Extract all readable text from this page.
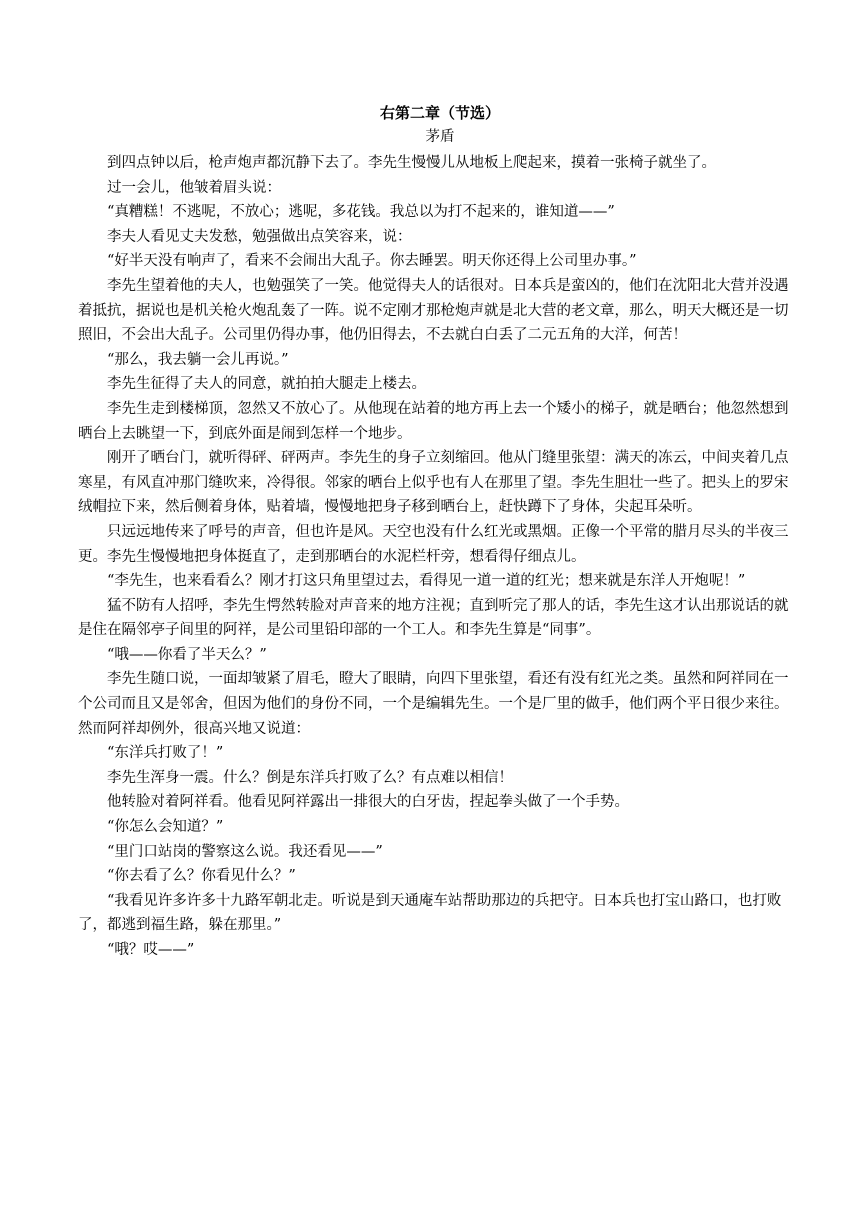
右第二章（节选）
茅盾

到四点钟以后，枪声炮声都沉静下去了。李先生慢慢儿从地板上爬起来，摸着一张椅子就坐了。

过一会儿，他皱着眉头说：

“真糟糕！不逃呢，不放心；逃呢，多花钱。我总以为打不起来的，谁知道——”

李夫人看见丈夫发愁，勉强做出点笑容来，说：

“好半天没有响声了，看来不会闹出大乱子。你去睡罢。明天你还得上公司里办事。”

李先生望着他的夫人，也勉强笑了一笑。他觉得夫人的话很对。日本兵是蛮凶的，他们在沈阳北大营并没遇着抵抗，据说也是机关枪火炮乱轰了一阵。说不定刚才那枪炮声就是北大营的老文章，那么，明天大概还是一切照旧，不会出大乱子。公司里仍得办事，他仍旧得去，不去就白白丢了二元五角的大洋，何苦！

“那么，我去躺一会儿再说。”

李先生征得了夫人的同意，就拍拍大腿走上楼去。

李先生走到楼梯顶，忽然又不放心了。从他现在站着的地方再上去一个矮小的梯子，就是晒台；他忽然想到晒台上去眺望一下，到底外面是闹到怎样一个地步。

刚开了晒台门，就听得砰、砰两声。李先生的身子立刻缩回。他从门缝里张望：满天的冻云，中间夹着几点寒星，有风直冲那门缝吹来，冷得很。邻家的晒台上似乎也有人在那里了望。李先生胆壮一些了。把头上的罗宋绒帽拉下来，然后侧着身体，贴着墙，慢慢地把身子移到晒台上，赶快蹲下了身体，尖起耳朵听。

只远远地传来了呼号的声音，但也许是风。天空也没有什么红光或黑烟。正像一个平常的腊月尽头的半夜三更。李先生慢慢地把身体挺直了，走到那晒台的水泥栏杆旁，想看得仔细点儿。

“李先生，也来看看么？刚才打这只角里望过去，看得见一道一道的红光；想来就是东洋人开炮呢！”

猛不防有人招呼，李先生愕然转脸对声音来的地方注视；直到听完了那人的话，李先生这才认出那说话的就是住在隔邻亭子间里的阿祥，是公司里铅印部的一个工人。和李先生算是“同事”。

“哦——你看了半天么？”

李先生随口说，一面却皱紧了眉毛，瞪大了眼睛，向四下里张望，看还有没有红光之类。虽然和阿祥同在一个公司而且又是邻舍，但因为他们的身份不同，一个是编辑先生。一个是厂里的做手，他们两个平日很少来往。然而阿祥却例外，很高兴地又说道：

“东洋兵打败了！”

李先生浑身一震。什么？倒是东洋兵打败了么？有点难以相信！

他转脸对着阿祥看。他看见阿祥露出一排很大的白牙齿，捏起拳头做了一个手势。

“你怎么会知道？”

“里门口站岗的警察这么说。我还看见——”

“你去看了么？你看见什么？”

“我看见许多许多十九路军朝北走。听说是到天通庵车站帮助那边的兵把守。日本兵也打宝山路口，也打败了，都逃到福生路，躲在那里。”

“哦？哎——”
